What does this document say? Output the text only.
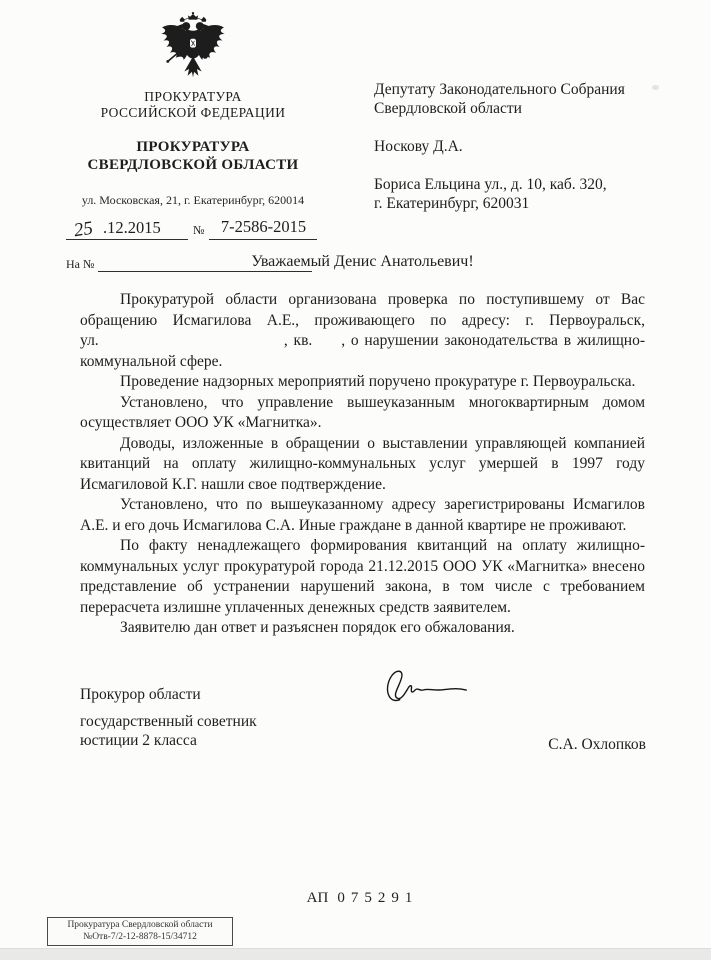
ПРОКУРАТУРА
РОССИЙСКОЙ ФЕДЕРАЦИИ
ПРОКУРАТУРА
СВЕРДЛОВСКОЙ ОБЛАСТИ
ул. Московская, 21, г. Екатеринбург, 620014
25 .12.2015	№ 7-2586-2015
На №
Депутату Законодательного Собрания
Свердловской области
Носкову Д.А.
Бориса Ельцина ул., д. 10, каб. 320,
г. Екатеринбург, 620031
Уважаемый Денис Анатольевич!

Прокуратурой области организована проверка по поступившему от Вас обращению Исмагилова А.Е., проживающего по адресу: г. Первоуральск, ул.                                , кв.     , о нарушении законодательства в жилищно-коммунальной сфере.

Проведение надзорных мероприятий поручено прокуратуре г. Первоуральска.

Установлено, что управление вышеуказанным многоквартирным домом осуществляет ООО УК «Магнитка».

Доводы, изложенные в обращении о выставлении управляющей компанией квитанций на оплату жилищно-коммунальных услуг умершей в 1997 году Исмагиловой К.Г. нашли свое подтверждение.

Установлено, что по вышеуказанному адресу зарегистрированы Исмагилов А.Е. и его дочь Исмагилова С.А. Иные граждане в данной квартире не проживают.

По факту ненадлежащего формирования квитанций на оплату жилищно-коммунальных услуг прокуратурой города 21.12.2015 ООО УК «Магнитка» внесено представление об устранении нарушений закона, в том числе с требованием перерасчета излишне уплаченных денежных средств заявителем.

Заявителю дан ответ и разъяснен порядок его обжалования.

Прокурор области
государственный советник
юстиции 2 класса	С.А. Охлопков
АП 075291
Прокуратура Свердловской области
№Отв-7/2-12-8878-15/34712
